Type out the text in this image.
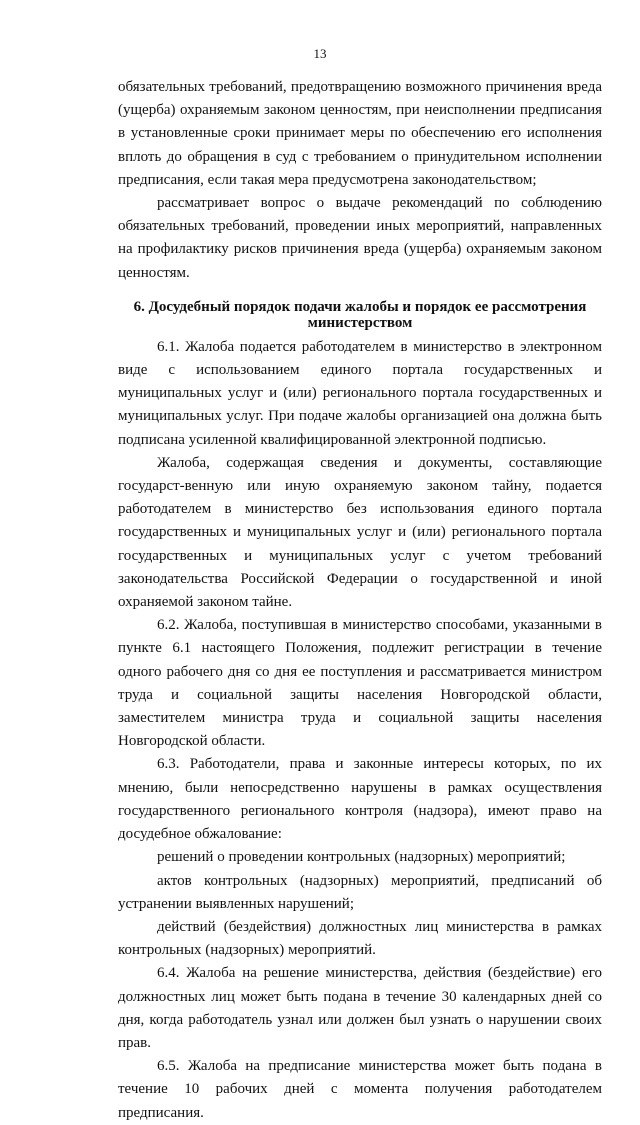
13

обязательных требований, предотвращению возможного причинения вреда (ущерба) охраняемым законом ценностям, при неисполнении предписания в установленные сроки принимает меры по обеспечению его исполнения вплоть до обращения в суд с требованием о принудительном исполнении предписания, если такая мера предусмотрена законодательством;

рассматривает вопрос о выдаче рекомендаций по соблюдению обязательных требований, проведении иных мероприятий, направленных на профилактику рисков причинения вреда (ущерба) охраняемым законом ценностям.

6. Досудебный порядок подачи жалобы и порядок ее рассмотрения
министерством

6.1. Жалоба подается работодателем в министерство в электронном виде с использованием единого портала государственных и муниципальных услуг и (или) регионального портала государственных и муниципальных услуг. При подаче жалобы организацией она должна быть подписана усиленной квалифицированной электронной подписью.

Жалоба, содержащая сведения и документы, составляющие государст-венную или иную охраняемую законом тайну, подается работодателем в министерство без использования единого портала государственных и муниципальных услуг и (или) регионального портала государственных и муниципальных услуг с учетом требований законодательства Российской Федерации о государственной и иной охраняемой законом тайне.

6.2. Жалоба, поступившая в министерство способами, указанными в пункте 6.1 настоящего Положения, подлежит регистрации в течение одного рабочего дня со дня ее поступления и рассматривается министром труда и социальной защиты населения Новгородской области, заместителем министра труда и социальной защиты населения Новгородской области.

6.3. Работодатели, права и законные интересы которых, по их мнению, были непосредственно нарушены в рамках осуществления государственного регионального контроля (надзора), имеют право на досудебное обжалование:

решений о проведении контрольных (надзорных) мероприятий;

актов контрольных (надзорных) мероприятий, предписаний об устранении выявленных нарушений;

действий (бездействия) должностных лиц министерства в рамках контрольных (надзорных) мероприятий.

6.4. Жалоба на решение министерства, действия (бездействие) его должностных лиц может быть подана в течение 30 календарных дней со дня, когда работодатель узнал или должен был узнать о нарушении своих прав.

6.5. Жалоба на предписание министерства может быть подана в течение 10 рабочих дней с момента получения работодателем предписания.
